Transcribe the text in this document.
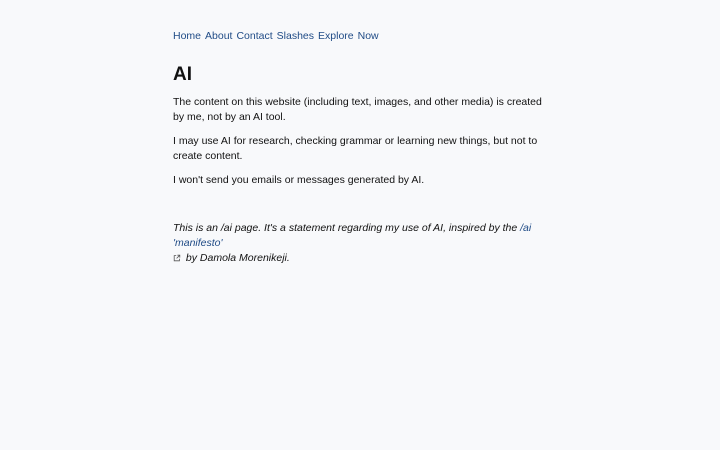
Home About Contact Slashes Explore Now
AI

The content on this website (including text, images, and other media) is created by me, not by an AI tool.

I may use AI for research, checking grammar or learning new things, but not to create content.

I won't send you emails or messages generated by AI.

This is an /ai page. It's a statement regarding my use of AI, inspired by the /ai 'manifesto'
by Damola Morenikeji.
